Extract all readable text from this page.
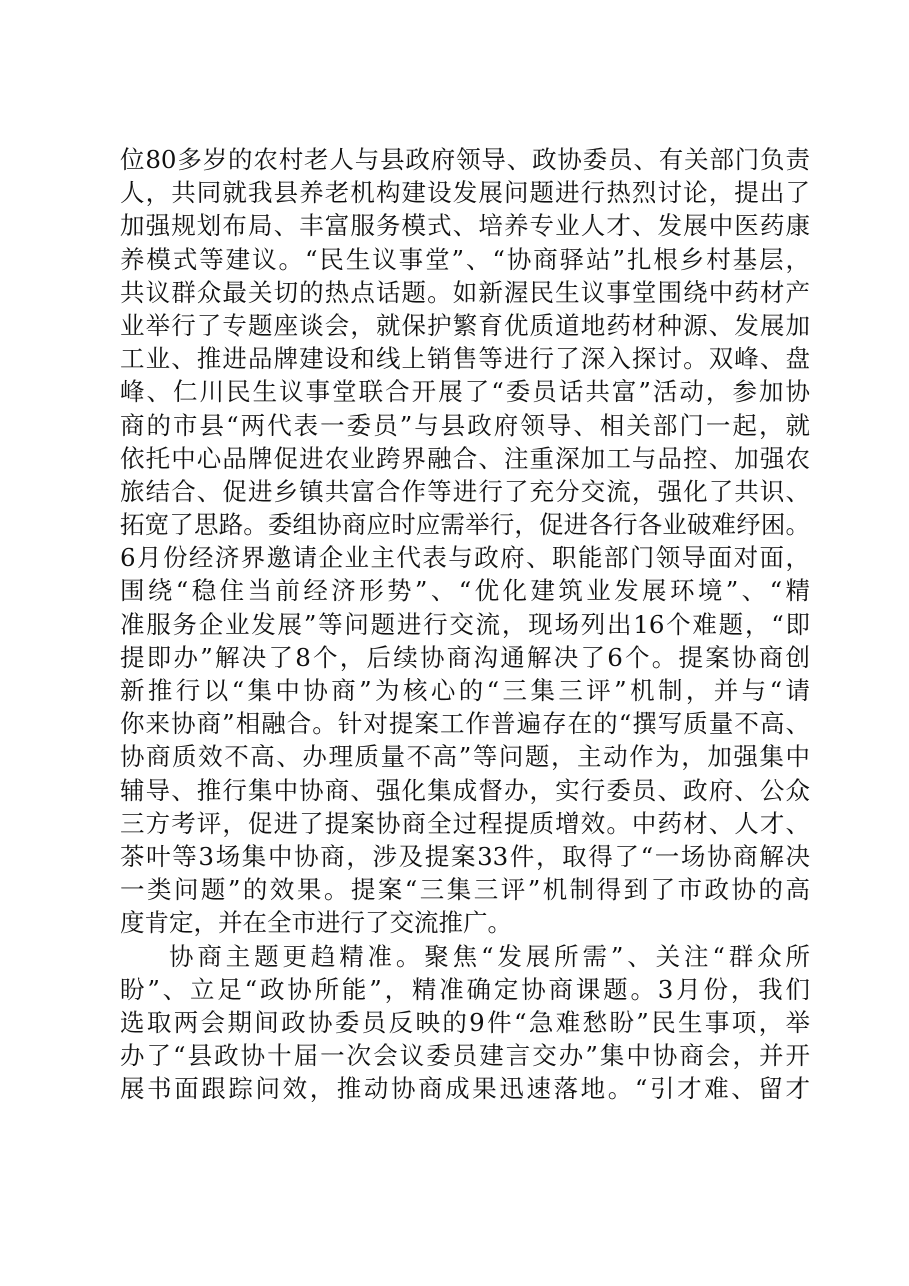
位80多岁的农村老人与县政府领导、政协委员、有关部门负责
人，共同就我县养老机构建设发展问题进行热烈讨论，提出了
加强规划布局、丰富服务模式、培养专业人才、发展中医药康
养模式等建议。“民生议事堂”、“协商驿站”扎根乡村基层，
共议群众最关切的热点话题。如新渥民生议事堂围绕中药材产
业举行了专题座谈会，就保护繁育优质道地药材种源、发展加
工业、推进品牌建设和线上销售等进行了深入探讨。双峰、盘
峰、仁川民生议事堂联合开展了“委员话共富”活动，参加协
商的市县“两代表一委员”与县政府领导、相关部门一起，就
依托中心品牌促进农业跨界融合、注重深加工与品控、加强农
旅结合、促进乡镇共富合作等进行了充分交流，强化了共识、
拓宽了思路。委组协商应时应需举行，促进各行各业破难纾困。
6月份经济界邀请企业主代表与政府、职能部门领导面对面，
围绕“稳住当前经济形势”、“优化建筑业发展环境”、“精
准服务企业发展”等问题进行交流，现场列出16个难题，“即
提即办”解决了8个，后续协商沟通解决了6个。提案协商创
新推行以“集中协商”为核心的“三集三评”机制，并与“请
你来协商”相融合。针对提案工作普遍存在的“撰写质量不高、
协商质效不高、办理质量不高”等问题，主动作为，加强集中
辅导、推行集中协商、强化集成督办，实行委员、政府、公众
三方考评，促进了提案协商全过程提质增效。中药材、人才、
茶叶等3场集中协商，涉及提案33件，取得了“一场协商解决
一类问题”的效果。提案“三集三评”机制得到了市政协的高
度肯定，并在全市进行了交流推广。
协商主题更趋精准。聚焦“发展所需”、关注“群众所
盼”、立足“政协所能”，精准确定协商课题。3月份，我们
选取两会期间政协委员反映的9件“急难愁盼”民生事项，举
办了“县政协十届一次会议委员建言交办”集中协商会，并开
展书面跟踪问效，推动协商成果迅速落地。“引才难、留才
